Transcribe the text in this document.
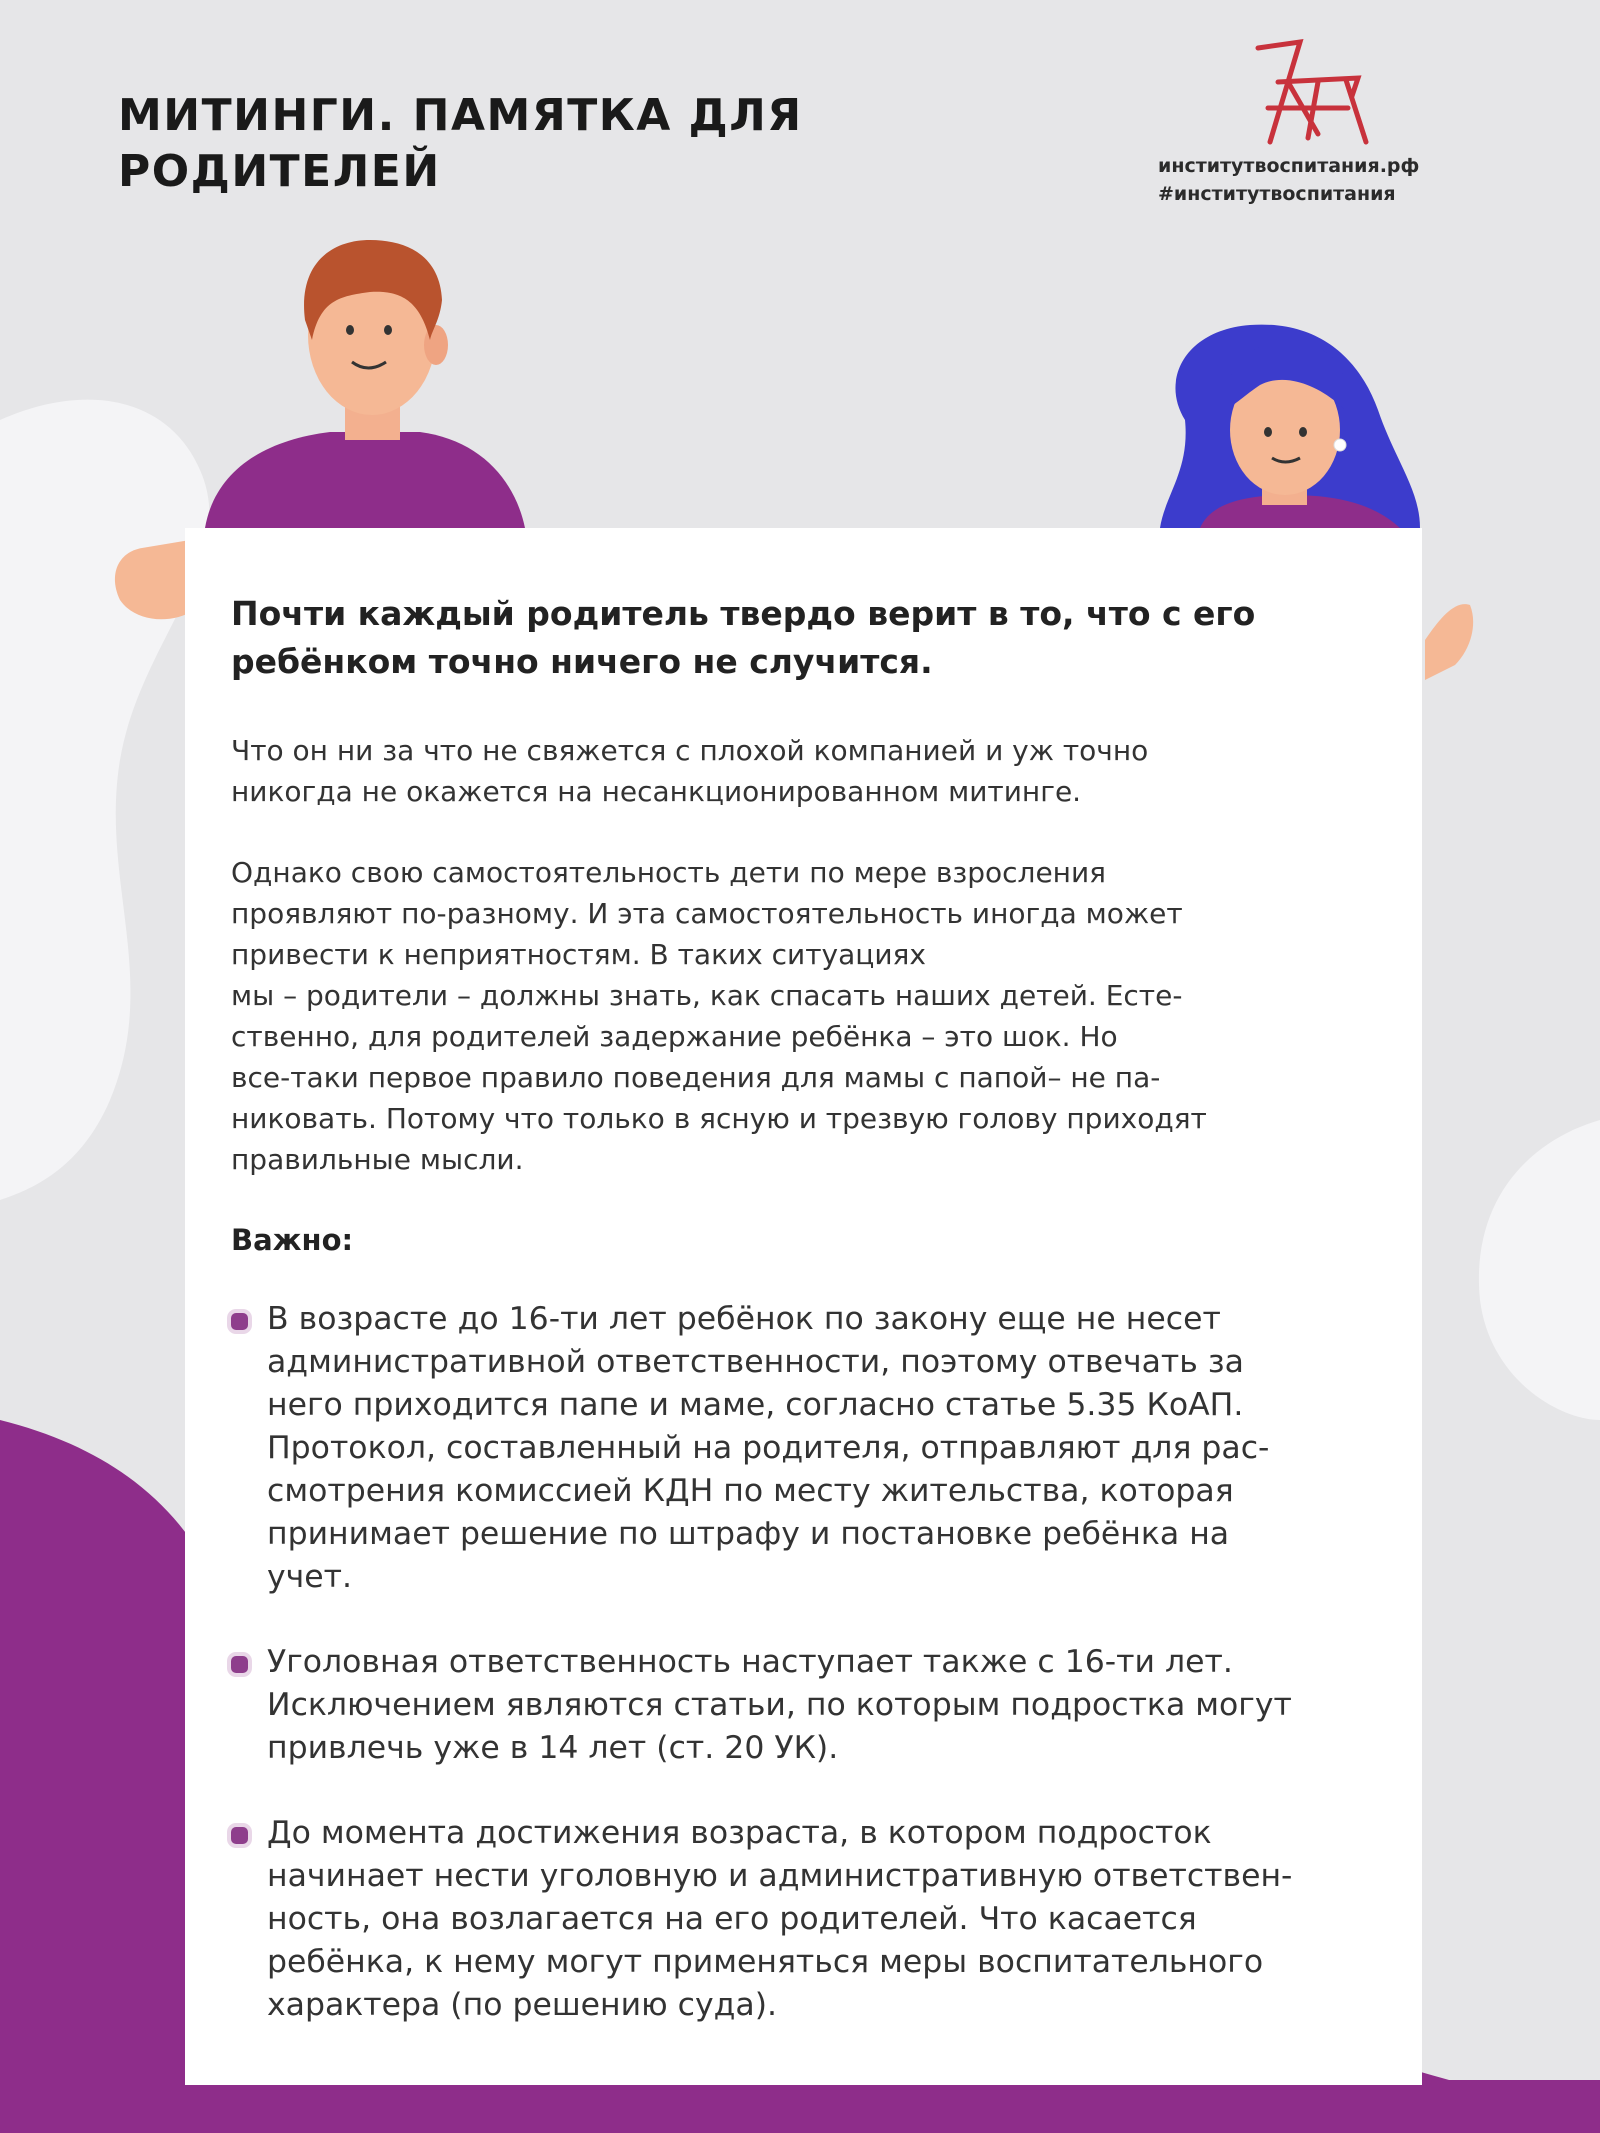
МИТИНГИ. ПАМЯТКА ДЛЯ
РОДИТЕЛЕЙ	институтвоспитания.рф
#институтвоспитания

Почти каждый родитель твердо верит в то, что с его
ребёнком точно ничего не случится.

Что он ни за что не свяжется с плохой компанией и уж точно
никогда не окажется на несанкционированном митинге.

Однако свою самостоятельность дети по мере взросления
проявляют по-разному. И эта самостоятельность иногда может
привести к неприятностям. В таких ситуациях
мы – родители – должны знать, как спасать наших детей. Есте-
ственно, для родителей задержание ребёнка – это шок. Но
все-таки первое правило поведения для мамы с папой– не па-
никовать. Потому что только в ясную и трезвую голову приходят
правильные мысли.

Важно:
В возрасте до 16-ти лет ребёнок по закону еще не несет
административной ответственности, поэтому отвечать за
него приходится папе и маме, согласно статье 5.35 КоАП.
Протокол, составленный на родителя, отправляют для рас-
смотрения комиссией КДН по месту жительства, которая
принимает решение по штрафу и постановке ребёнка на
учет.
Уголовная ответственность наступает также с 16-ти лет.
Исключением являются статьи, по которым подростка могут
привлечь уже в 14 лет (ст. 20 УК).
До момента достижения возраста, в котором подросток
начинает нести уголовную и административную ответствен-
ность, она возлагается на его родителей. Что касается
ребёнка, к нему могут применяться меры воспитательного
характера (по решению суда).
